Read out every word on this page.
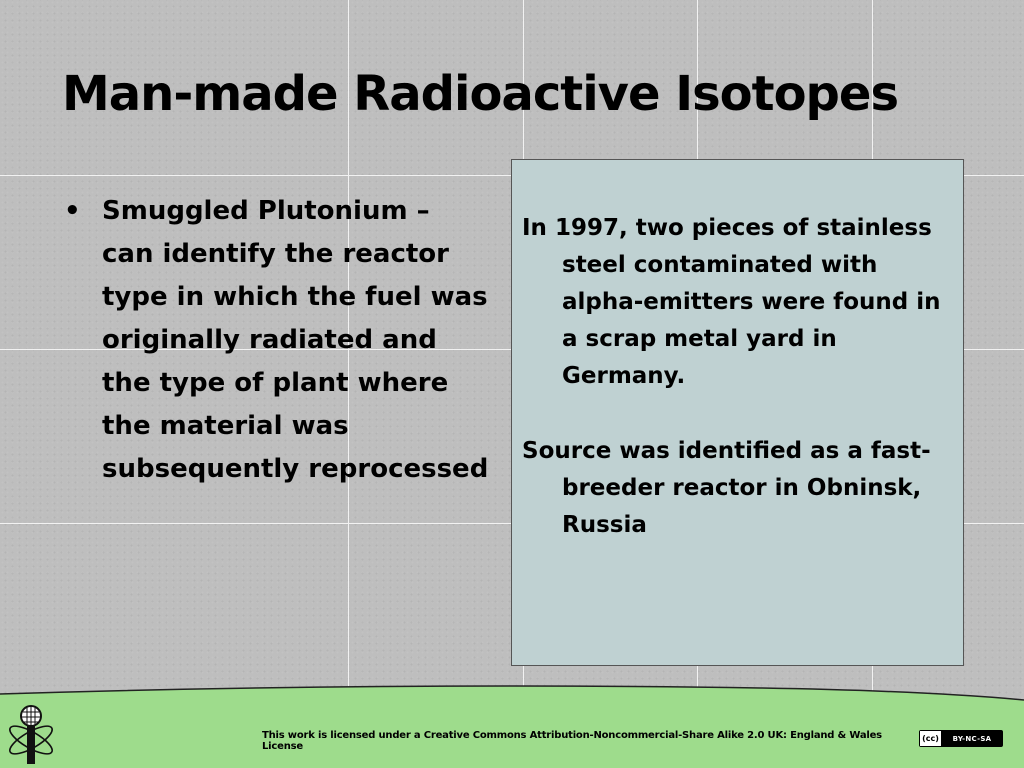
Man-made Radioactive Isotopes
• Smuggled Plutonium – can identify the reactor type in which the fuel was originally radiated and the type of plant where the material was subsequently reprocessed

In 1997, two pieces of stainless steel contaminated with alpha-emitters were found in a scrap metal yard in Germany.

Source was identified as a fast-breeder reactor in Obninsk, Russia

This work is licensed under a Creative Commons Attribution-Noncommercial-Share Alike 2.0 UK: England & Wales License
(cc)	BY-NC-SA
